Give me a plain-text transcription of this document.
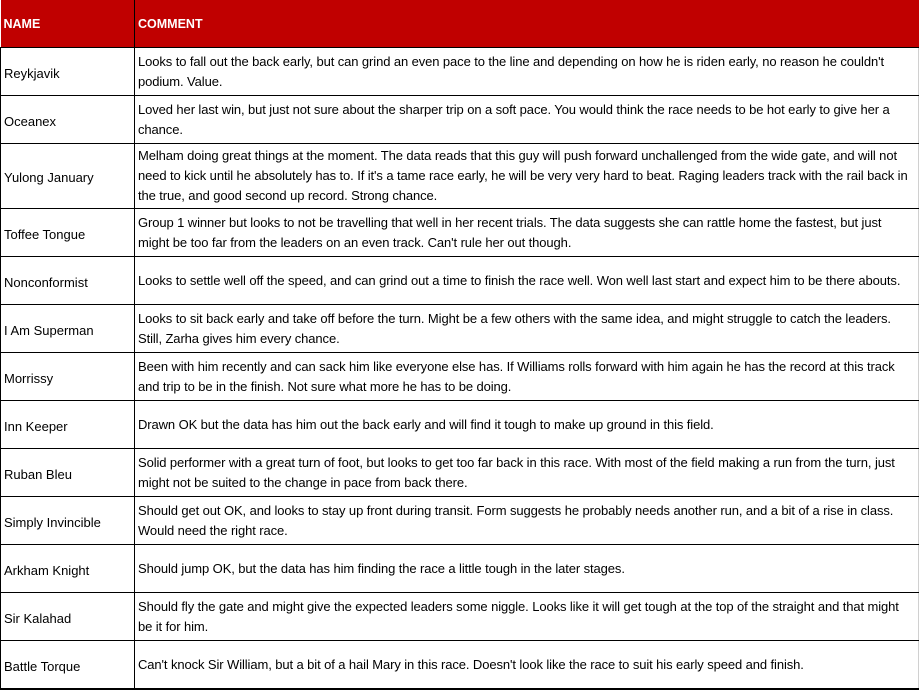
NAME	COMMENT
Reykjavik	Looks to fall out the back early, but can grind an even pace to the line and depending on how he is riden early, no reason he couldn't podium. Value.
Oceanex	Loved her last win, but just not sure about the sharper trip on a soft pace. You would think the race needs to be hot early to give her a chance.
Yulong January	Melham doing great things at the moment. The data reads that this guy will push forward unchallenged from the wide gate, and will not need to kick until he absolutely has to. If it's a tame race early, he will be very very hard to beat. Raging leaders track with the rail back in the true, and good second up record. Strong chance.
Toffee Tongue	Group 1 winner but looks to not be travelling that well in her recent trials. The data suggests she can rattle home the fastest, but just might be too far from the leaders on an even track. Can't rule her out though.
Nonconformist	Looks to settle well off the speed, and can grind out a time to finish the race well. Won well last start and expect him to be there abouts.
I Am Superman	Looks to sit back early and take off before the turn. Might be a few others with the same idea, and might struggle to catch the leaders. Still, Zarha gives him every chance.
Morrissy	Been with him recently and can sack him like everyone else has. If Williams rolls forward with him again he has the record at this track and trip to be in the finish. Not sure what more he has to be doing.
Inn Keeper	Drawn OK but the data has him out the back early and will find it tough to make up ground in this field.
Ruban Bleu	Solid performer with a great turn of foot, but looks to get too far back in this race. With most of the field making a run from the turn, just might not be suited to the change in pace from back there.
Simply Invincible	Should get out OK, and looks to stay up front during transit. Form suggests he probably needs another run, and a bit of a rise in class. Would need the right race.
Arkham Knight	Should jump OK, but the data has him finding the race a little tough in the later stages.
Sir Kalahad	Should fly the gate and might give the expected leaders some niggle. Looks like it will get tough at the top of the straight and that might be it for him.
Battle Torque	Can't knock Sir William, but a bit of a hail Mary in this race. Doesn't look like the race to suit his early speed and finish.
